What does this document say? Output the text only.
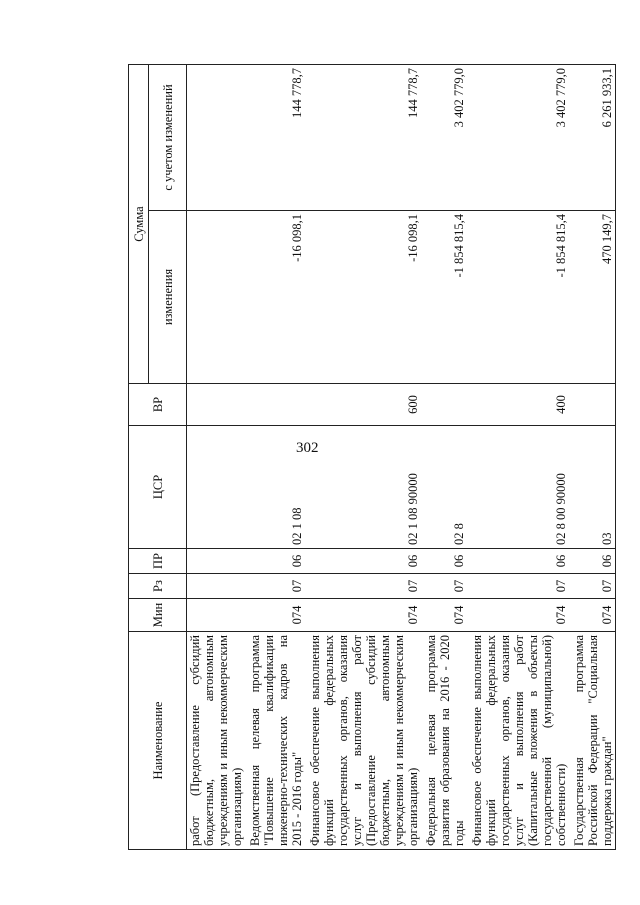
302
Наименование	Мин	Рз	ПР	ЦСР	ВР	Сумма	
						изменения	с учетом изменений
работ (Предоставление субсидий бюджетным, автономным учреждениям и иным некоммерческим организациям)							
Ведомственная целевая программа "Повышение квалификации инженерно-технических кадров на 2015 - 2016 годы"	074	07	06	02 1 08		-16 098,1	144 778,7
Финансовое обеспечение выполнения функций федеральных государственных органов, оказания услуг и выполнения работ (Предоставление субсидий бюджетным, автономным учреждениям и иным некоммерческим организациям)	074	07	06	02 1 08 90000	600	-16 098,1	144 778,7
Федеральная целевая программа развития образования на 2016 - 2020 годы	074	07	06	02 8		-1 854 815,4	3 402 779,0
Финансовое обеспечение выполнения функций федеральных государственных органов, оказания услуг и выполнения работ (Капитальные вложения в объекты государственной (муниципальной) собственности)	074	07	06	02 8 00 90000	400	-1 854 815,4	3 402 779,0
Государственная программа Российской Федерации "Социальная поддержка граждан"	074	07	06	03		470 149,7	6 261 933,1
